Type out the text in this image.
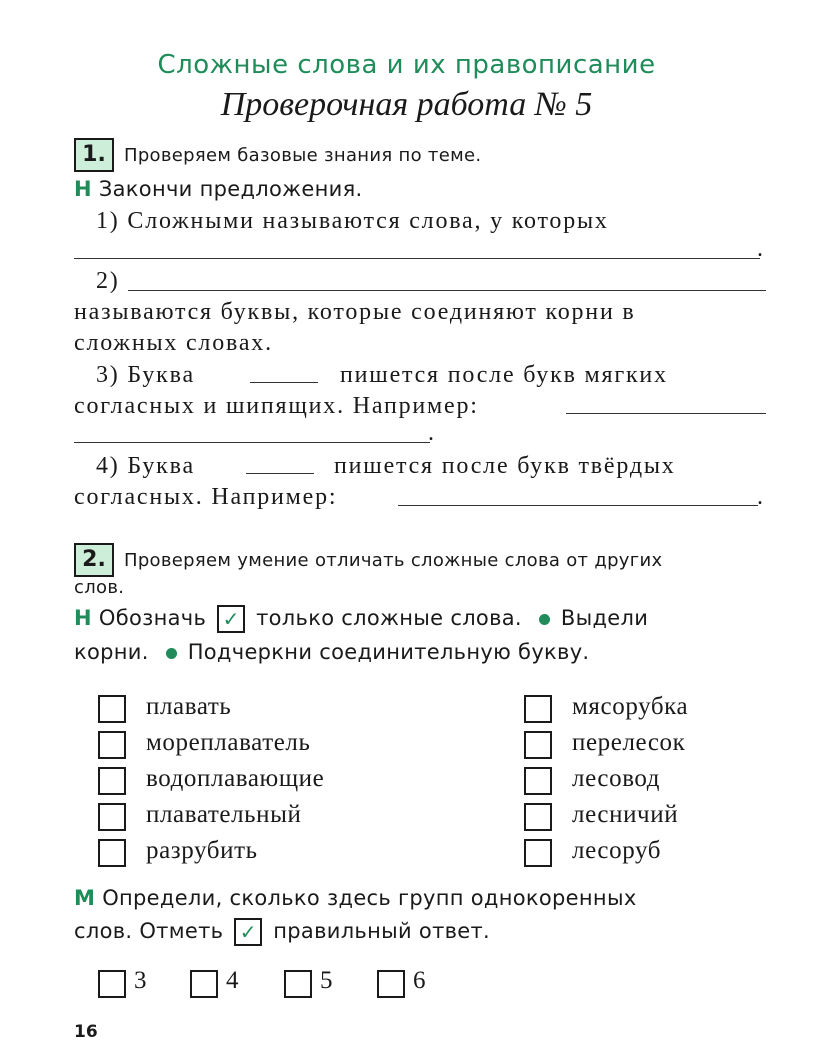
Сложные слова и их правописание
Проверочная работа № 5
1.	Проверяем базовые знания по теме.
Н Закончи предложения.
1) Сложными называются слова, у которых
.
2)
называются буквы, которые соединяют корни в
сложных словах.
3) Буква	пишется после букв мягких
согласных и шипящих. Например:
.
4) Буква	пишется после букв твёрдых
согласных. Например:	.
2.	Проверяем умение отличать сложные слова от других
слов.
Н Обозначь ✓ только сложные слова. Выдели
корни. Подчеркни соединительную букву.
плавать
мореплаватель
водоплавающие
плавательный
разрубить
мясорубка
перелесок
лесовод
лесничий
лесоруб
М Определи, сколько здесь групп однокоренных
слов. Отметь ✓ правильный ответ.
3	4	5	6
16
